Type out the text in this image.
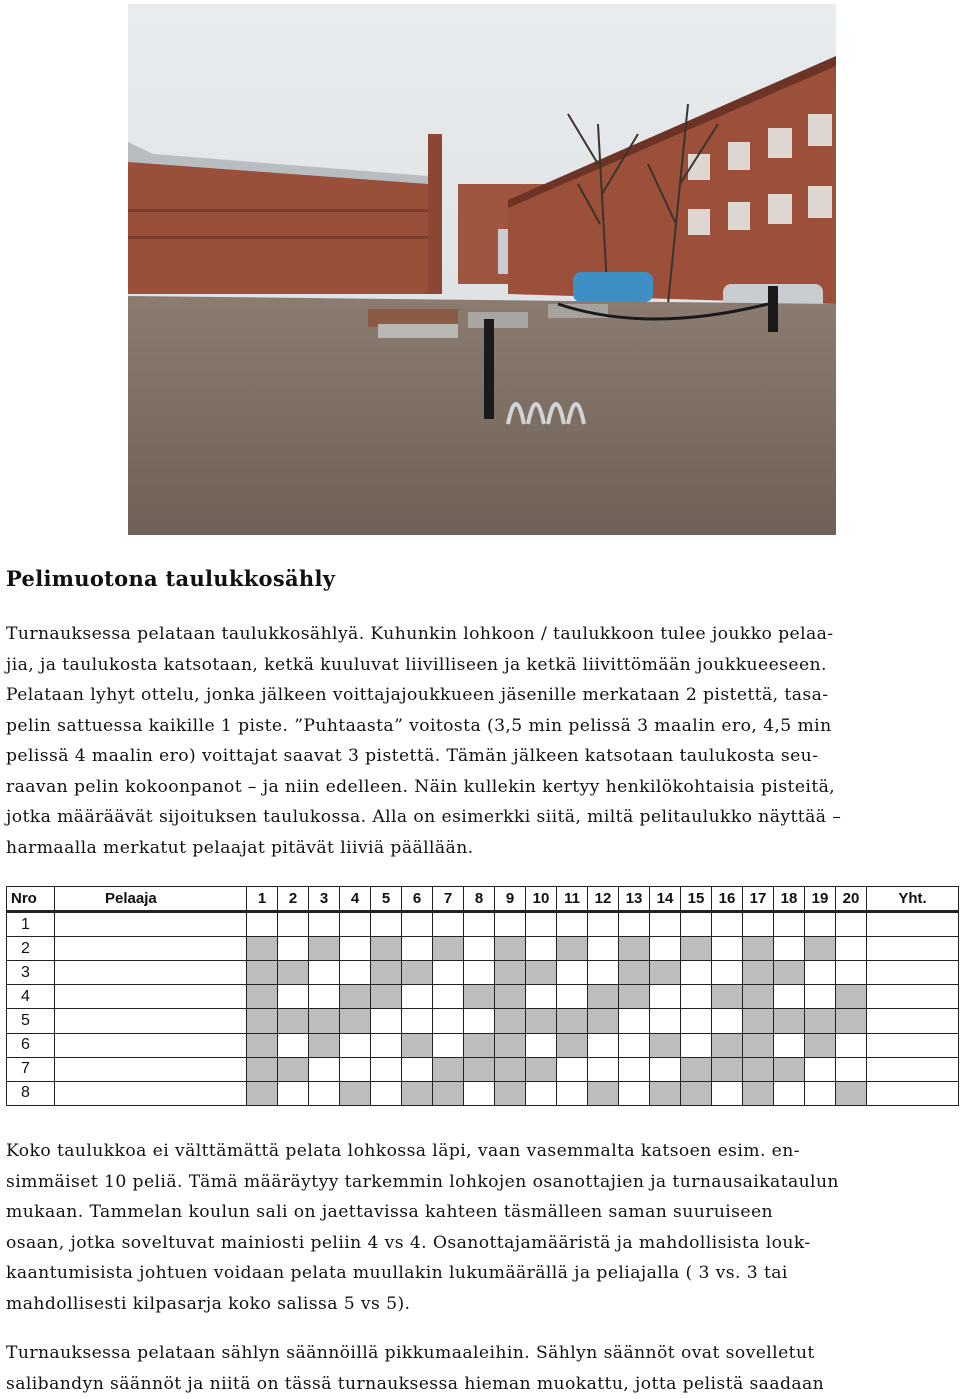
Pelimuotona taulukkosähly

Turnauksessa pelataan taulukkosählyä. Kuhunkin lohkoon / taulukkoon tulee joukko pelaa-
jia, ja taulukosta katsotaan, ketkä kuuluvat liivilliseen ja ketkä liivittömään joukkueeseen.
Pelataan lyhyt ottelu, jonka jälkeen voittajajoukkueen jäsenille merkataan 2 pistettä, tasa-
pelin sattuessa kaikille 1 piste. ”Puhtaasta” voitosta (3,5 min pelissä 3 maalin ero, 4,5 min
pelissä 4 maalin ero) voittajat saavat 3 pistettä. Tämän jälkeen katsotaan taulukosta seu-
raavan pelin kokoonpanot – ja niin edelleen. Näin kullekin kertyy henkilökohtaisia pisteitä,
jotka määräävät sijoituksen taulukossa. Alla on esimerkki siitä, miltä pelitaulukko näyttää –
harmaalla merkatut pelaajat pitävät liiviä päällään.

Nro	Pelaaja	1	2	3	4	5	6	7	8	9	10	11	12	13	14	15	16	17	18	19	20	Yht.
1																						
2																						
3																						
4																						
5																						
6																						
7																						
8																						

Koko taulukkoa ei välttämättä pelata lohkossa läpi, vaan vasemmalta katsoen esim. en-
simmäiset 10 peliä. Tämä määräytyy tarkemmin lohkojen osanottajien ja turnausaikataulun
mukaan. Tammelan koulun sali on jaettavissa kahteen täsmälleen saman suuruiseen
osaan, jotka soveltuvat mainiosti peliin 4 vs 4. Osanottajamääristä ja mahdollisista louk-
kaantumisista johtuen voidaan pelata muullakin lukumäärällä ja peliajalla ( 3 vs. 3 tai
mahdollisesti kilpasarja koko salissa 5 vs 5).

Turnauksessa pelataan sählyn säännöillä pikkumaaleihin. Sählyn säännöt ovat sovelletut
salibandyn säännöt ja niitä on tässä turnauksessa hieman muokattu, jotta pelistä saadaan
